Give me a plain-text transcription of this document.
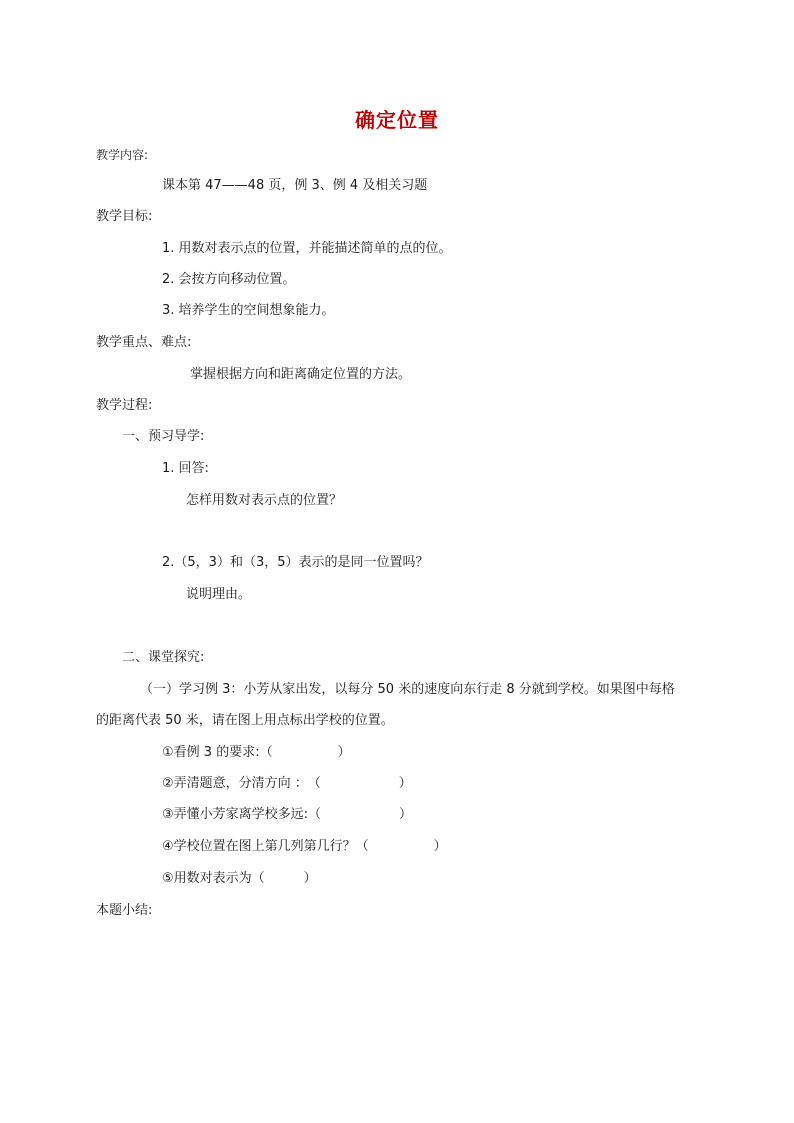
确定位置
教学内容:
课本第 47——48 页，例 3、例 4 及相关习题
教学目标:
1. 用数对表示点的位置，并能描述简单的点的位。
2. 会按方向移动位置。
3. 培养学生的空间想象能力。
教学重点、难点:
掌握根据方向和距离确定位置的方法。
教学过程:
一、预习导学:
1. 回答:
怎样用数对表示点的位置？
2.（5，3）和（3，5）表示的是同一位置吗？
说明理由。
二、课堂探究:
（一）学习例 3：小芳从家出发，以每分 50 米的速度向东行走 8 分就到学校。如果图中每格
的距离代表 50 米，请在图上用点标出学校的位置。
①看例 3 的要求:（　　　　　）
②弄清题意，分清方向 ：　（　　　　　　）
③弄懂小芳家离学校多远:（　　　　　　）
④学校位置在图上第几列第几行？（　　　　　）
⑤用数对表示为（　　　）
本题小结:
